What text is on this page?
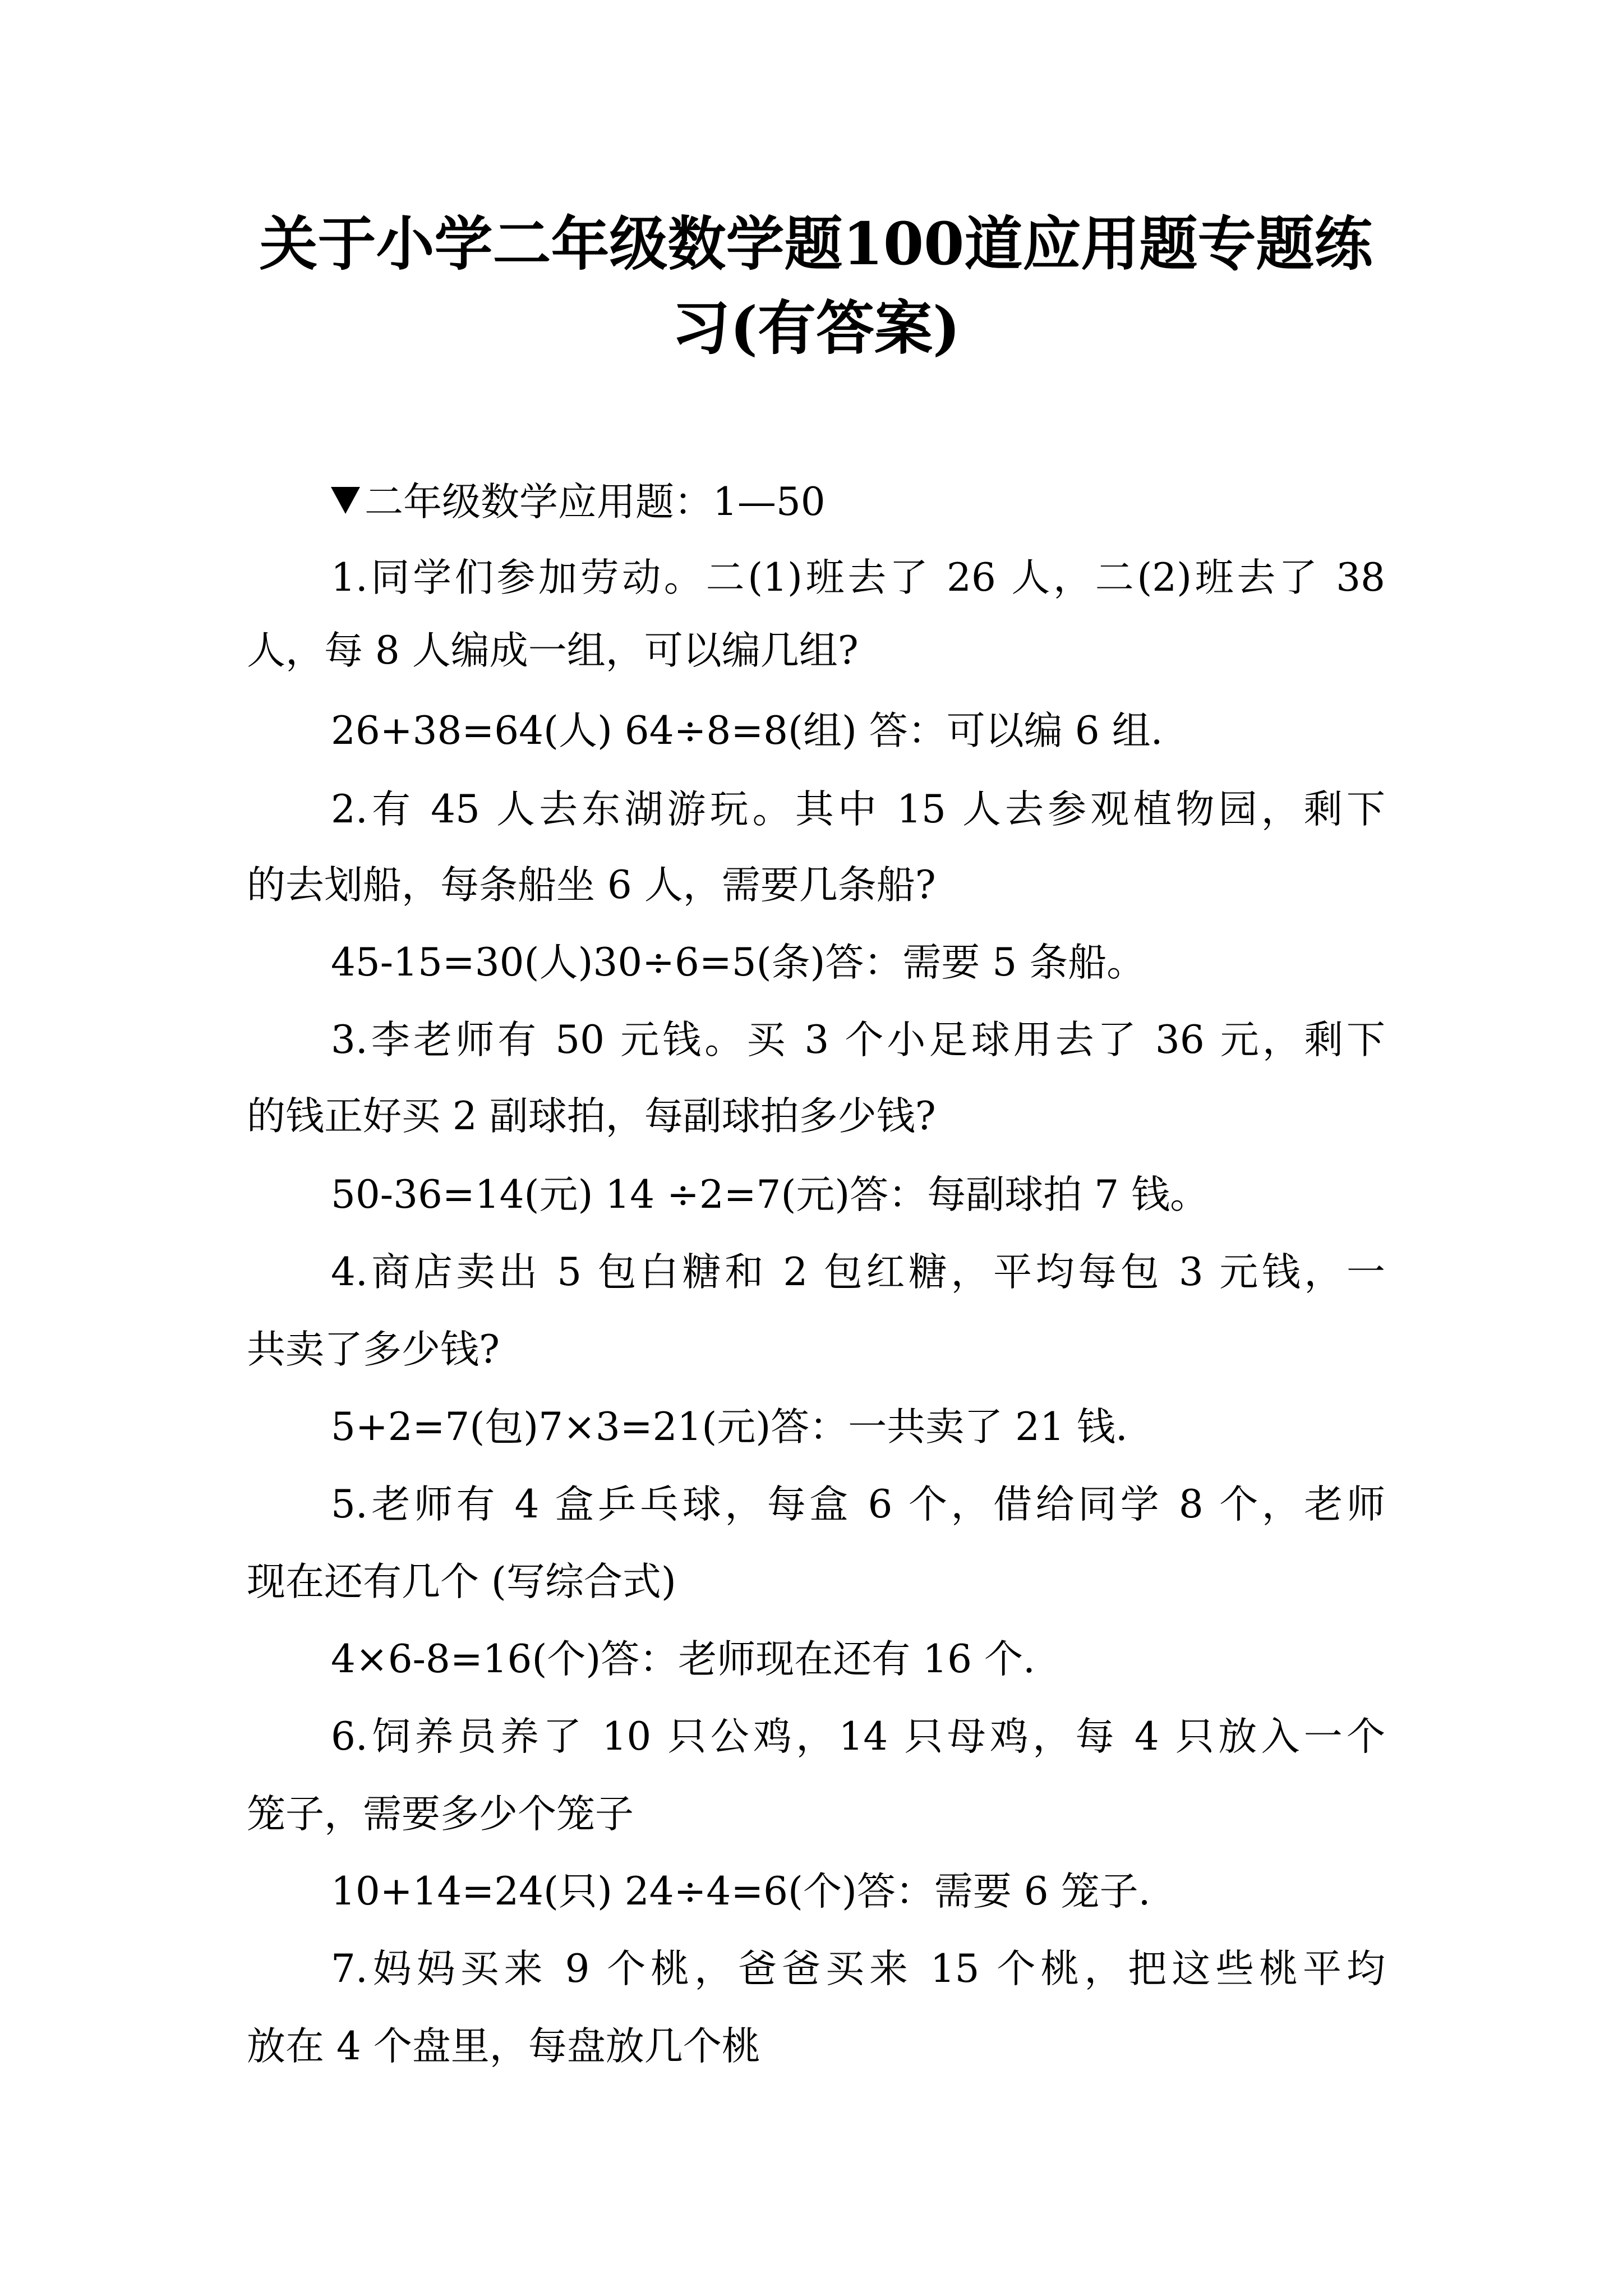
关于小学二年级数学题100道应用题专题练
习(有答案)

二年级数学应用题：1—50

1.同学们参加劳动。二(1)班去了 26 人，二(2)班去了 38

人，每 8 人编成一组，可以编几组?

26+38=64(人) 64÷8=8(组) 答：可以编 6 组.

2.有 45 人去东湖游玩。其中 15 人去参观植物园，剩下

的去划船，每条船坐 6 人，需要几条船?

45-15=30(人)30÷6=5(条)答：需要 5 条船。

3.李老师有 50 元钱。买 3 个小足球用去了 36 元，剩下

的钱正好买 2 副球拍，每副球拍多少钱?

50-36=14(元) 14 ÷2=7(元)答：每副球拍 7 钱。

4.商店卖出 5 包白糖和 2 包红糖，平均每包 3 元钱，一

共卖了多少钱?

5+2=7(包)7×3=21(元)答：一共卖了 21 钱.

5.老师有 4 盒乒乓球，每盒 6 个，借给同学 8 个，老师

现在还有几个 (写综合式)

4×6-8=16(个)答：老师现在还有 16 个.

6.饲养员养了 10 只公鸡，14 只母鸡，每 4 只放入一个

笼子，需要多少个笼子

10+14=24(只) 24÷4=6(个)答：需要 6 笼子.

7.妈妈买来 9 个桃，爸爸买来 15 个桃，把这些桃平均

放在 4 个盘里，每盘放几个桃
